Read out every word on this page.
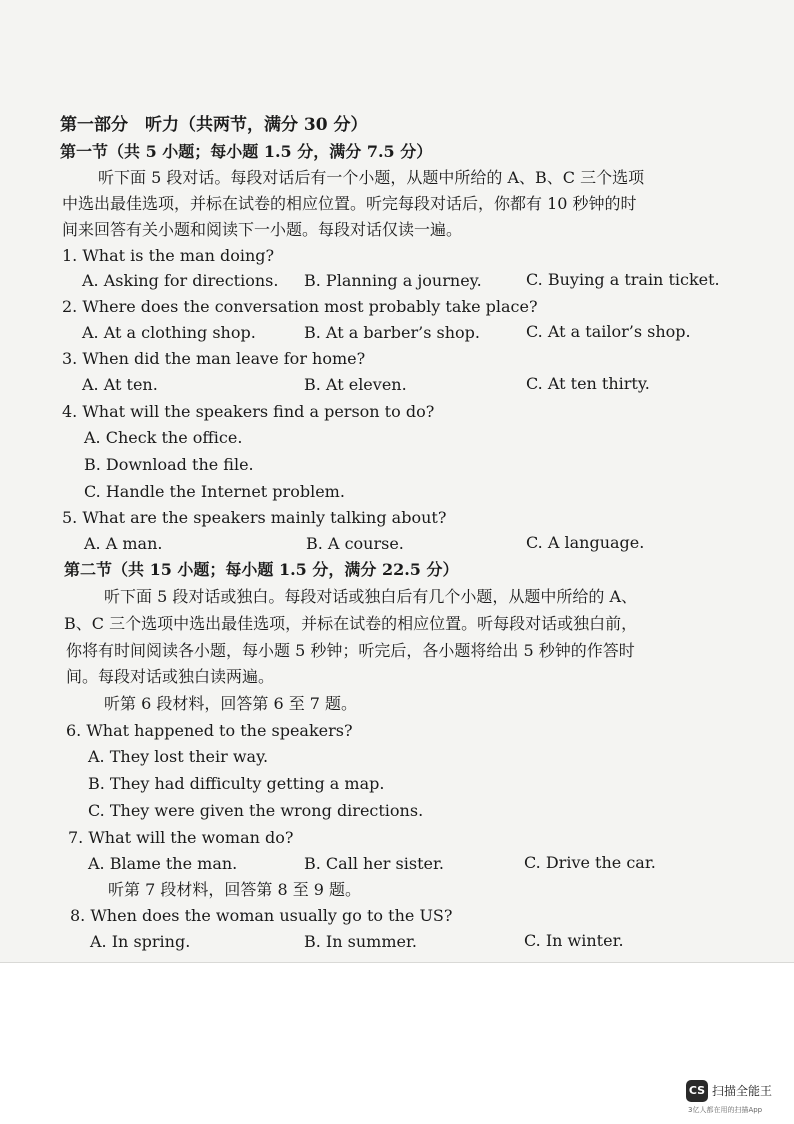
第一部分　听力（共两节，满分 30 分）
第一节（共 5 小题；每小题 1.5 分，满分 7.5 分）
听下面 5 段对话。每段对话后有一个小题，从题中所给的 A、B、C 三个选项
中选出最佳选项，并标在试卷的相应位置。听完每段对话后，你都有 10 秒钟的时
间来回答有关小题和阅读下一小题。每段对话仅读一遍。
1. What is the man doing?
A. Asking for directions. B. Planning a journey.	C. Buying a train ticket.
2. Where does the conversation most probably take place?
A. At a clothing shop.	B. At a barber’s shop.	C. At a tailor’s shop.
3. When did the man leave for home?
A. At ten.	B. At eleven.	C. At ten thirty.
4. What will the speakers find a person to do?
A. Check the office.
B. Download the file.
C. Handle the Internet problem.
5. What are the speakers mainly talking about?
A. A man.	B. A course.	C. A language.
第二节（共 15 小题；每小题 1.5 分，满分 22.5 分）
听下面 5 段对话或独白。每段对话或独白后有几个小题，从题中所给的 A、
B、C 三个选项中选出最佳选项，并标在试卷的相应位置。听每段对话或独白前，
你将有时间阅读各小题，每小题 5 秒钟；听完后，各小题将给出 5 秒钟的作答时
间。每段对话或独白读两遍。
听第 6 段材料，回答第 6 至 7 题。
6. What happened to the speakers?
A. They lost their way.
B. They had difficulty getting a map.
C. They were given the wrong directions.
7. What will the woman do?
A. Blame the man.	B. Call her sister.	C. Drive the car.
听第 7 段材料，回答第 8 至 9 题。
8. When does the woman usually go to the US?
A. In spring.	B. In summer.	C. In winter.
CS 扫描全能王
3亿人都在用的扫描App
